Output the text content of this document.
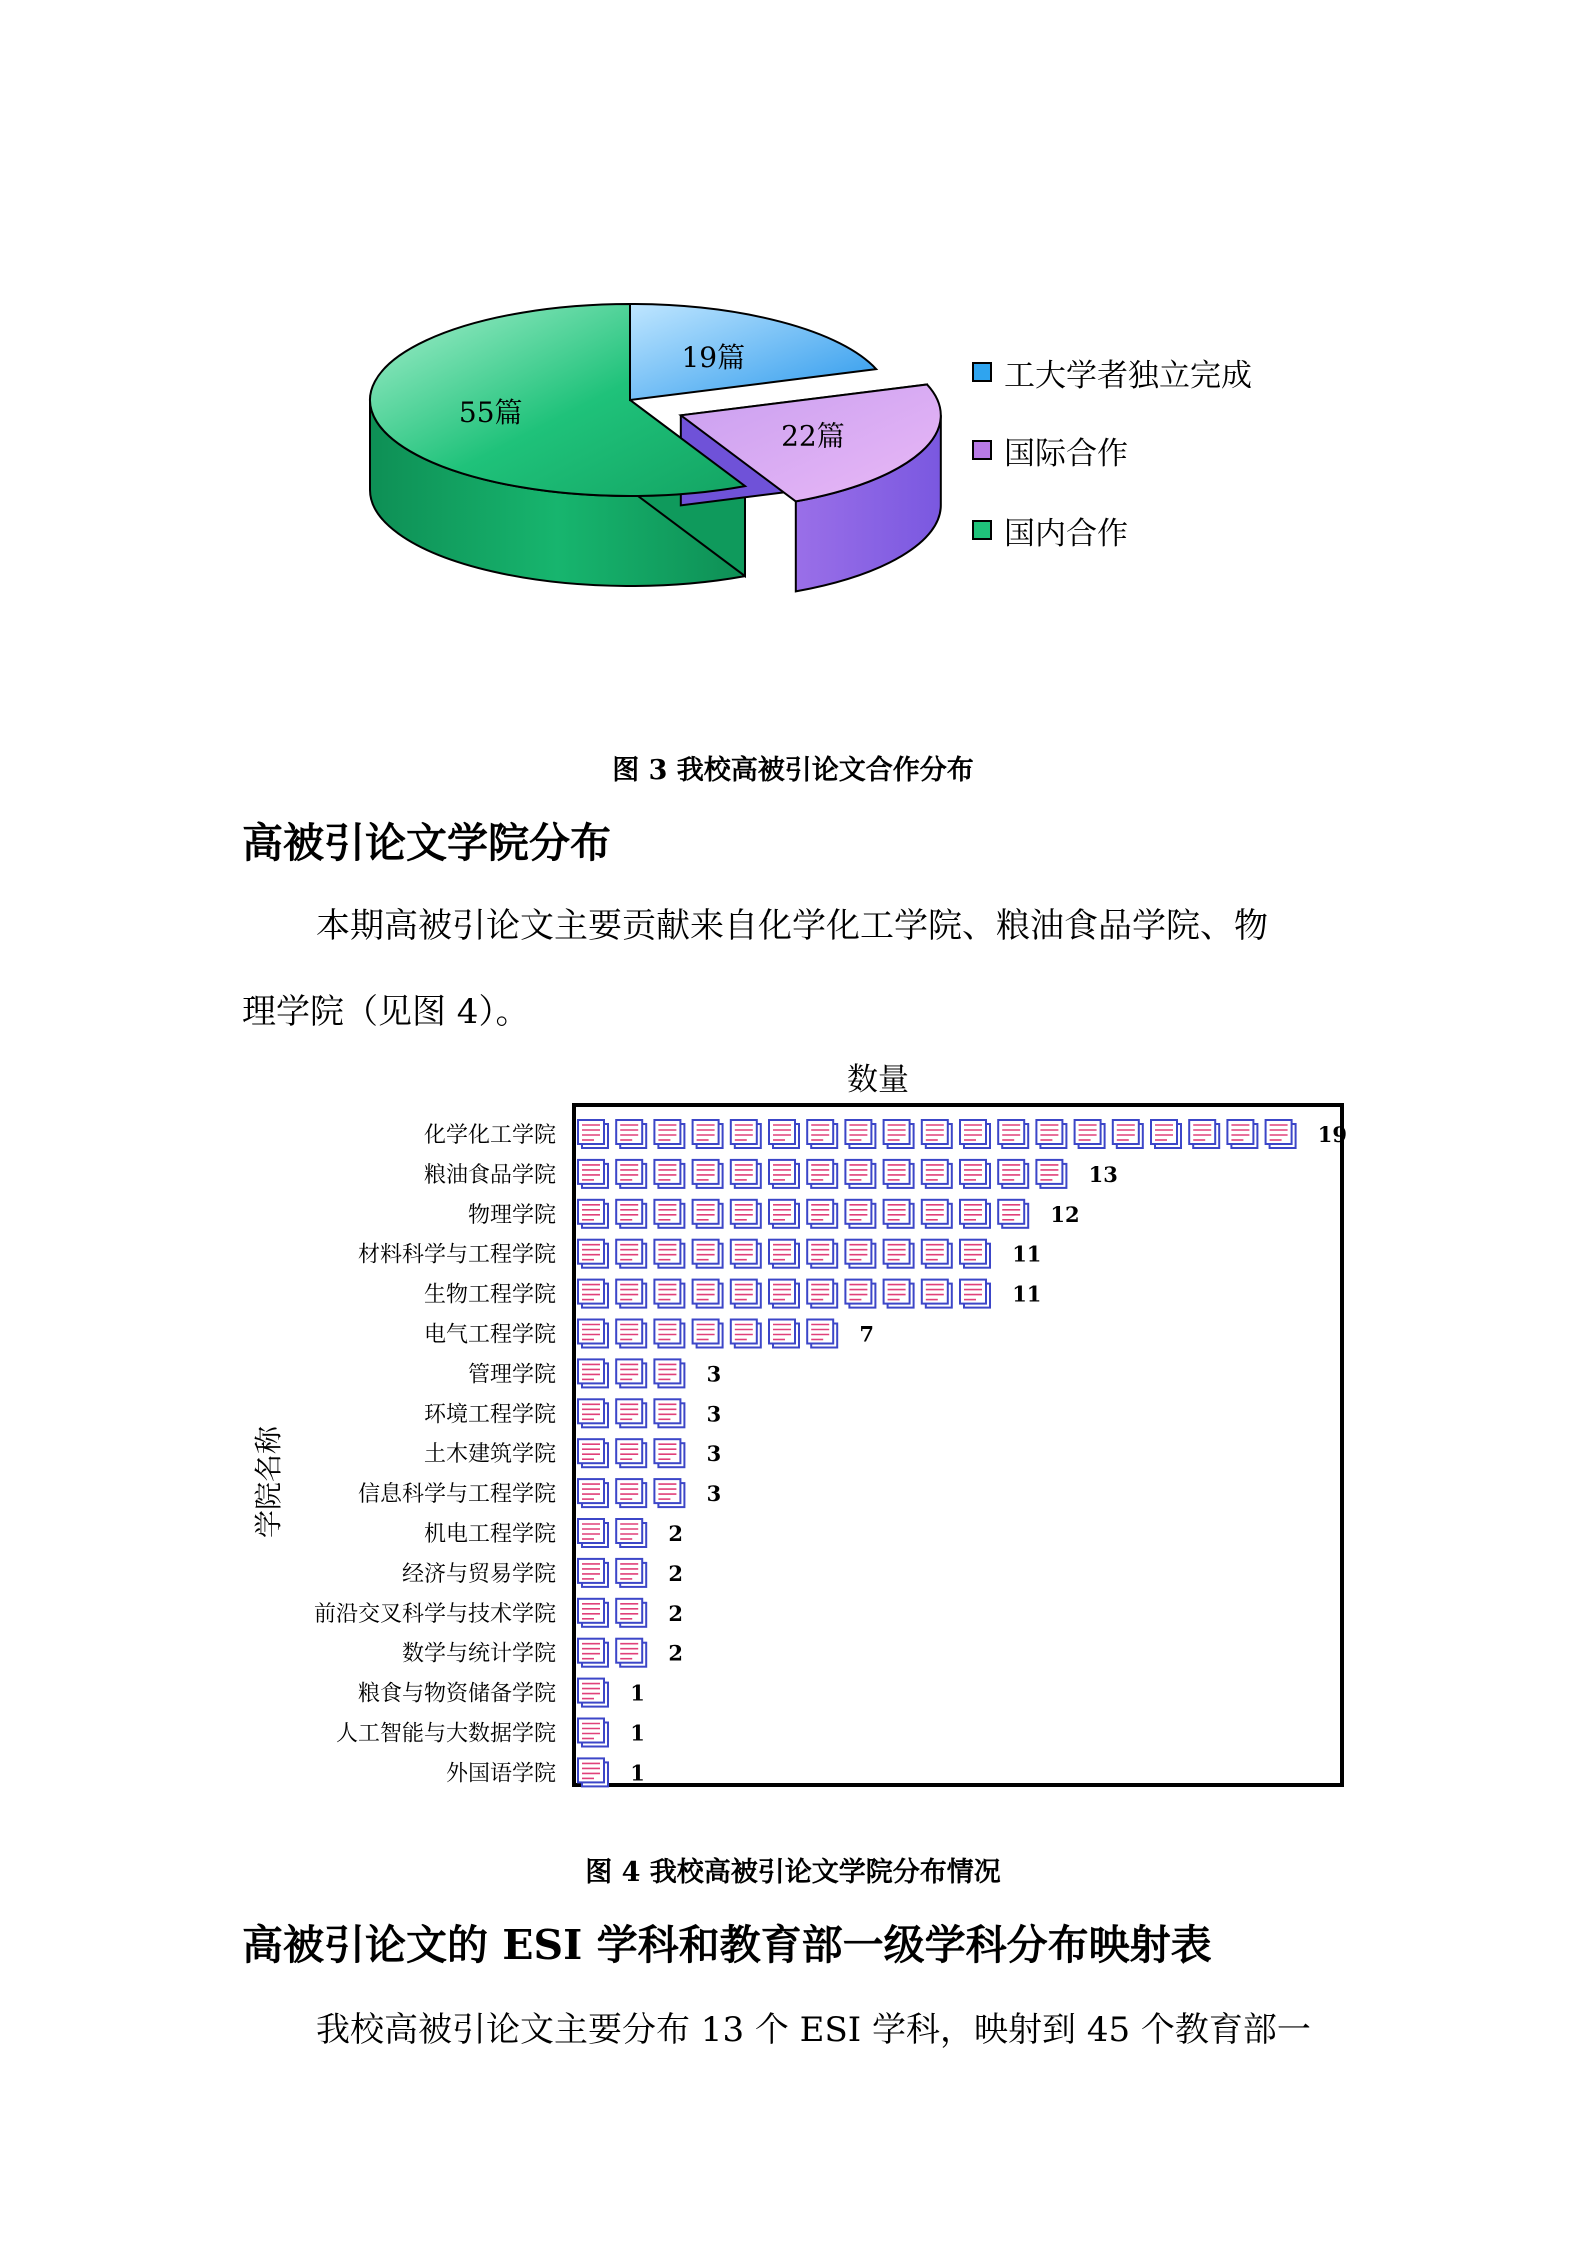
19篇
22篇
55篇
工大学者独立完成
国际合作
国内合作
图 3 我校高被引论文合作分布
高被引论文学院分布
本期高被引论文主要贡献来自化学化工学院、粮油食品学院、物
理学院（见图 4）。
数量
学院名称
化学化工学院	19
粮油食品学院	13
物理学院	12
材料科学与工程学院	11
生物工程学院	11
电气工程学院	7
管理学院	3
环境工程学院	3
土木建筑学院	3
信息科学与工程学院	3
机电工程学院	2
经济与贸易学院	2
前沿交叉科学与技术学院	2
数学与统计学院	2
粮食与物资储备学院	1
人工智能与大数据学院	1
外国语学院	1
图 4 我校高被引论文学院分布情况
高被引论文的 ESI 学科和教育部一级学科分布映射表
我校高被引论文主要分布 13 个 ESI 学科，映射到 45 个教育部一
